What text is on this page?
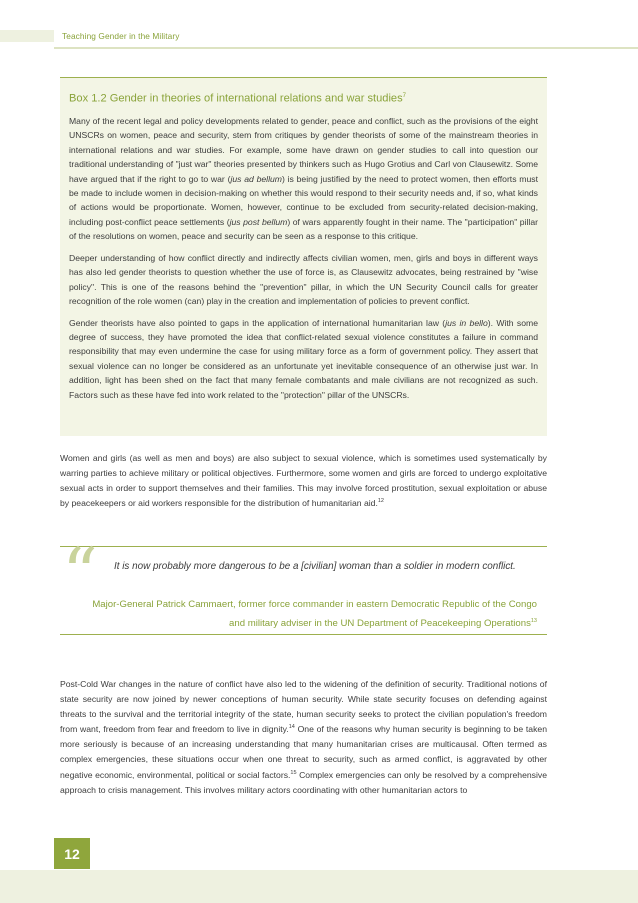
Teaching Gender in the Military
Box 1.2 Gender in theories of international relations and war studies$^7$

Many of the recent legal and policy developments related to gender, peace and conflict, such as the provisions of the eight UNSCRs on women, peace and security, stem from critiques by gender theorists of some of the mainstream theories in international relations and war studies. For example, some have drawn on gender studies to call into question our traditional understanding of "just war" theories presented by thinkers such as Hugo Grotius and Carl von Clausewitz. Some have argued that if the right to go to war (jus ad bellum) is being justified by the need to protect women, then efforts must be made to include women in decision-making on whether this would respond to their security needs and, if so, what kinds of actions would be proportionate. Women, however, continue to be excluded from security-related decision-making, including post-conflict peace settlements (jus post bellum) of wars apparently fought in their name. The "participation" pillar of the resolutions on women, peace and security can be seen as a response to this critique.

Deeper understanding of how conflict directly and indirectly affects civilian women, men, girls and boys in different ways has also led gender theorists to question whether the use of force is, as Clausewitz advocates, being restrained by "wise policy". This is one of the reasons behind the "prevention" pillar, in which the UN Security Council calls for greater recognition of the role women (can) play in the creation and implementation of policies to prevent conflict.

Gender theorists have also pointed to gaps in the application of international humanitarian law (jus in bello). With some degree of success, they have promoted the idea that conflict-related sexual violence constitutes a failure in command responsibility that may even undermine the case for using military force as a form of government policy. They assert that sexual violence can no longer be considered as an unfortunate yet inevitable consequence of an otherwise just war. In addition, light has been shed on the fact that many female combatants and male civilians are not recognized as such. Factors such as these have fed into work related to the "protection" pillar of the UNSCRs.

Women and girls (as well as men and boys) are also subject to sexual violence, which is sometimes used systematically by warring parties to achieve military or political objectives. Furthermore, some women and girls are forced to undergo exploitative sexual acts in order to support themselves and their families. This may involve forced prostitution, sexual exploitation or abuse by peacekeepers or aid workers responsible for the distribution of humanitarian aid.$^{12}$

“ It is now probably more dangerous to be a [civilian] woman than a soldier in modern conflict.
Major-General Patrick Cammaert, former force commander in eastern Democratic Republic of the Congo and military adviser in the UN Department of Peacekeeping Operations$^{13}$

Post-Cold War changes in the nature of conflict have also led to the widening of the definition of security. Traditional notions of state security are now joined by newer conceptions of human security. While state security focuses on defending against threats to the survival and the territorial integrity of the state, human security seeks to protect the civilian population's freedom from want, freedom from fear and freedom to live in dignity.$^{14}$ One of the reasons why human security is beginning to be taken more seriously is because of an increasing understanding that many humanitarian crises are multicausal. Often termed as complex emergencies, these situations occur when one threat to security, such as armed conflict, is aggravated by other negative economic, environmental, political or social factors.$^{15}$ Complex emergencies can only be resolved by a comprehensive approach to crisis management. This involves military actors coordinating with other humanitarian actors to

12
